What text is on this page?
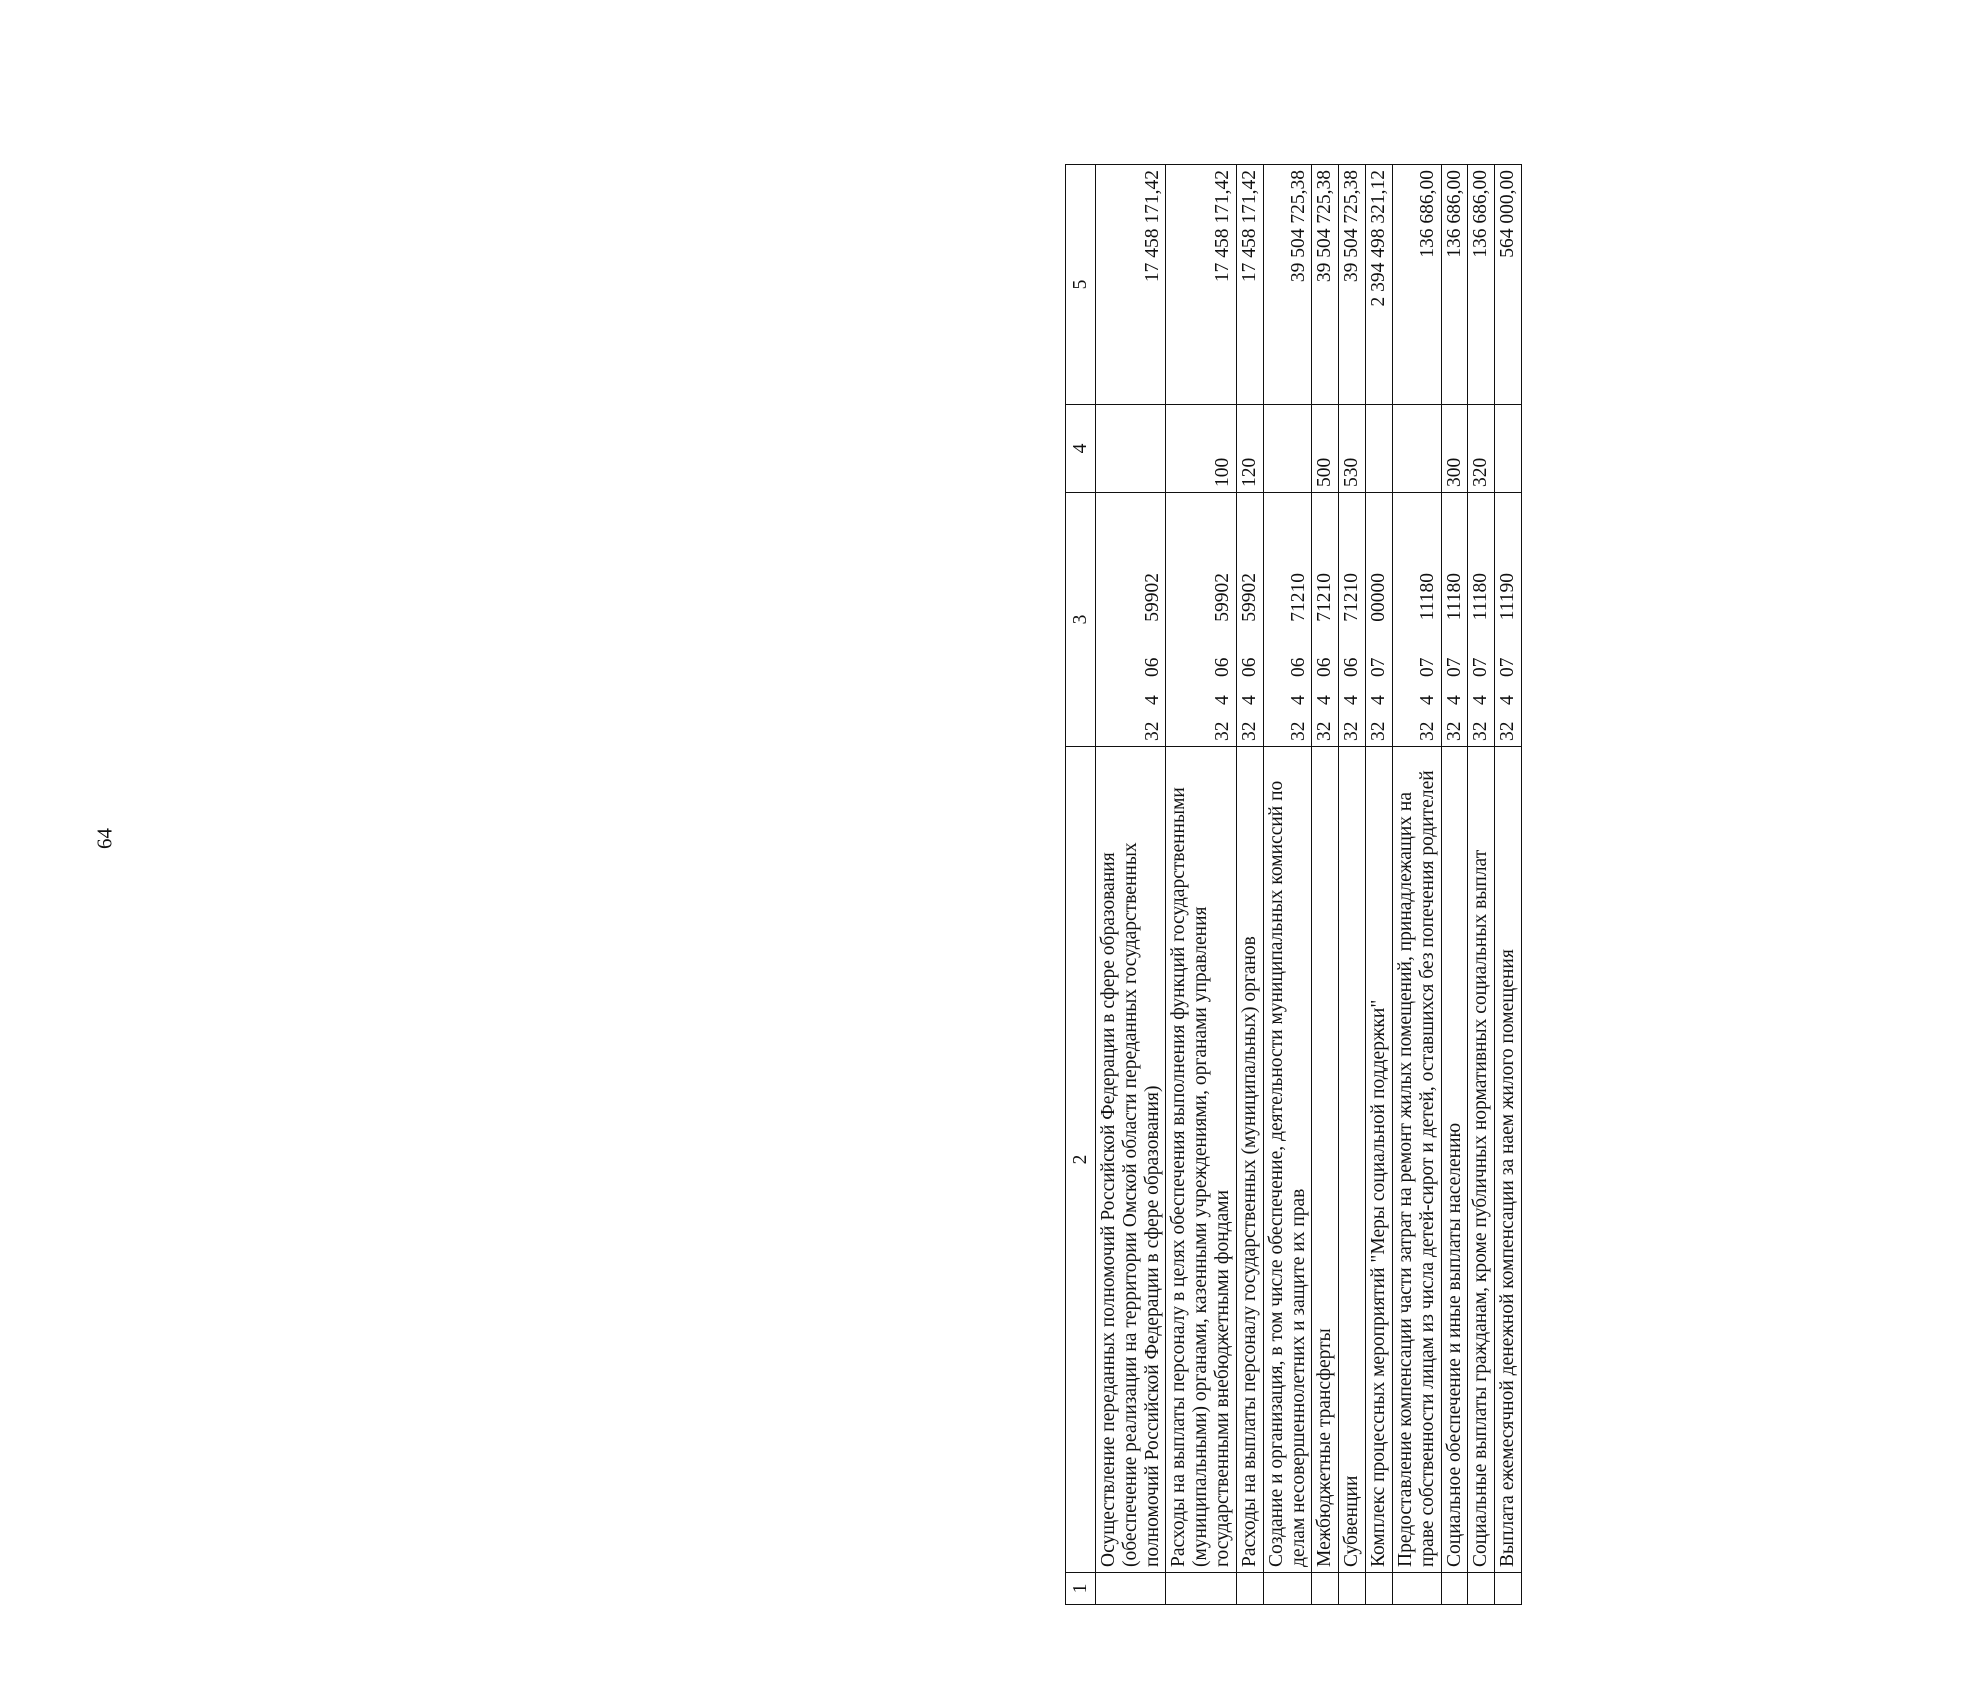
64
1	2	3	4	5
	Осуществление переданных полномочий Российской Федерации в сфере образования (обеспечение реализации на территории Омской области переданных государственных полномочий Российской Федерации в сфере образования)	3240659902		17 458 171,42
	Расходы на выплаты персоналу в целях обеспечения выполнения функций государственными (муниципальными) органами, казенными учреждениями, органами управления государственными внебюджетными фондами	3240659902	100	17 458 171,42
	Расходы на выплаты персоналу государственных (муниципальных) органов	3240659902	120	17 458 171,42
	Создание и организация, в том числе обеспечение, деятельности муниципальных комиссий по делам несовершеннолетних и защите их прав	3240671210		39 504 725,38
	Межбюджетные трансферты	3240671210	500	39 504 725,38
	Субвенции	3240671210	530	39 504 725,38
	Комплекс процессных мероприятий "Меры социальной поддержки"	3240700000		2 394 498 321,12
	Предоставление компенсации части затрат на ремонт жилых помещений, принадлежащих на праве собственности лицам из числа детей-сирот и детей, оставшихся без попечения родителей	3240711180		136 686,00
	Социальное обеспечение и иные выплаты населению	3240711180	300	136 686,00
	Социальные выплаты гражданам, кроме публичных нормативных социальных выплат	3240711180	320	136 686,00
	Выплата ежемесячной денежной компенсации за наем жилого помещения	3240711190		564 000,00
